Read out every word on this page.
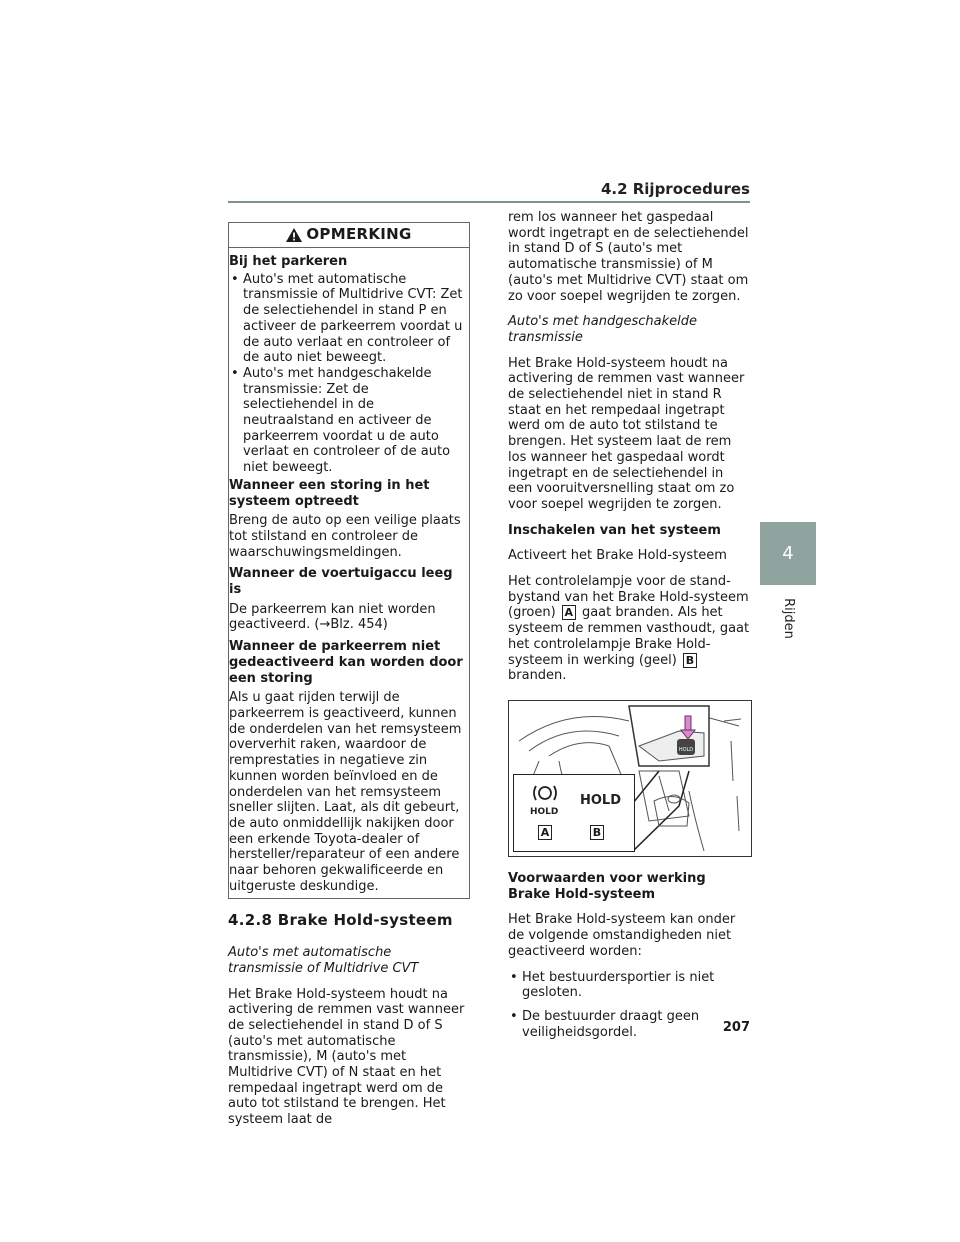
4.2 Rijprocedures
4
Rijden
OPMERKING

Bij het parkeren

• Auto's met automatische transmissie of Multidrive CVT: Zet de selectiehendel in stand P en activeer de parkeerrem voordat u de auto verlaat en controleer of de auto niet beweegt.
• Auto's met handgeschakelde transmissie: Zet de selectiehendel in de neutraalstand en activeer de parkeerrem voordat u de auto verlaat en controleer of de auto niet beweegt.

Wanneer een storing in het systeem optreedt

Breng de auto op een veilige plaats tot stilstand en controleer de waarschuwingsmeldingen.

Wanneer de voertuigaccu leeg is

De parkeerrem kan niet worden geactiveerd. (→Blz. 454)

Wanneer de parkeerrem niet gedeactiveerd kan worden door een storing

Als u gaat rijden terwijl de parkeerrem is geactiveerd, kunnen de onderdelen van het remsysteem oververhit raken, waardoor de remprestaties in negatieve zin kunnen worden beïnvloed en de onderdelen van het remsysteem sneller slijten. Laat, als dit gebeurt, de auto onmiddellijk nakijken door een erkende Toyota-dealer of hersteller/reparateur of een andere naar behoren gekwalificeerde en uitgeruste deskundige.

4.2.8 Brake Hold-systeem

Auto's met automatische transmissie of Multidrive CVT

Het Brake Hold-systeem houdt na activering de remmen vast wanneer de selectiehendel in stand D of S (auto's met automatische transmissie), M (auto's met Multidrive CVT) of N staat en het rempedaal ingetrapt werd om de auto tot stilstand te brengen. Het systeem laat de

rem los wanneer het gaspedaal wordt ingetrapt en de selectiehendel in stand D of S (auto's met automatische transmissie) of M (auto's met Multidrive CVT) staat om zo voor soepel wegrijden te zorgen.

Auto's met handgeschakelde transmissie

Het Brake Hold-systeem houdt na activering de remmen vast wanneer de selectiehendel niet in stand R staat en het rempedaal ingetrapt werd om de auto tot stilstand te brengen. Het systeem laat de rem los wanneer het gaspedaal wordt ingetrapt en de selectiehendel in een vooruitversnelling staat om zo voor soepel wegrijden te zorgen.

Inschakelen van het systeem

Activeert het Brake Hold-systeem

Het controlelampje voor de stand-bystand van het Brake Hold-systeem (groen) A gaat branden. Als het systeem de remmen vasthoudt, gaat het controlelampje Brake Hold-systeem in werking (geel) B branden.

HOLD
HOLD
HOLD
A	B

Voorwaarden voor werking Brake Hold-systeem

Het Brake Hold-systeem kan onder de volgende omstandigheden niet geactiveerd worden:

• Het bestuurdersportier is niet gesloten.
• De bestuurder draagt geen veiligheidsgordel.	207
